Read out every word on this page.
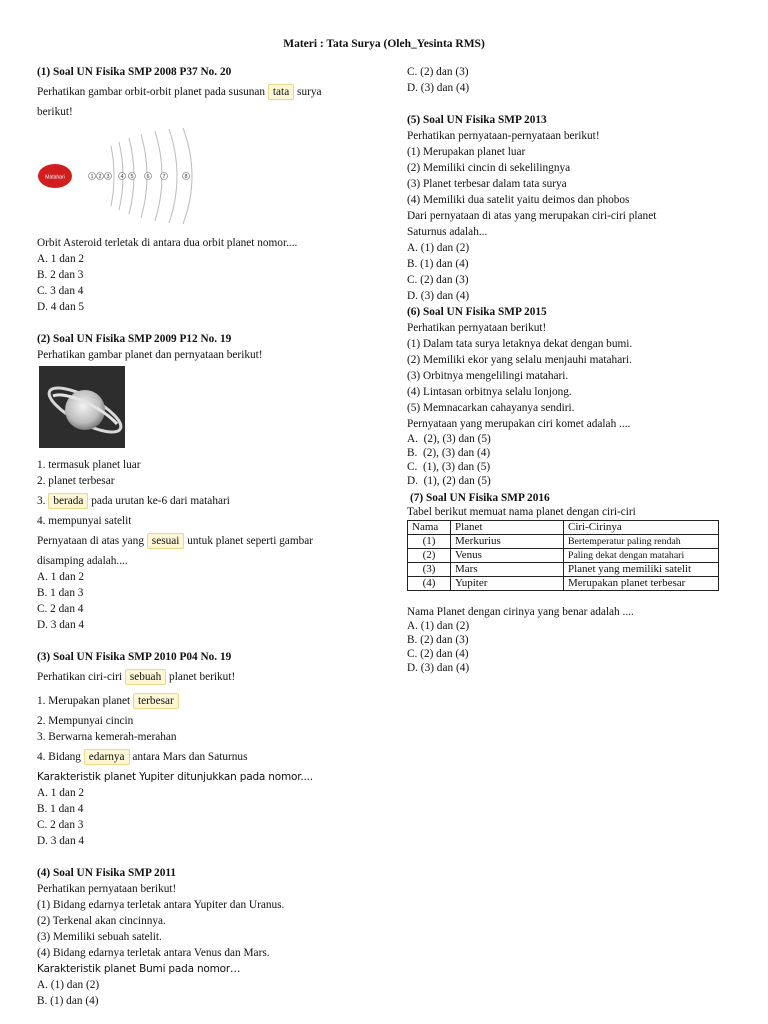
Materi : Tata Surya (Oleh_Yesinta RMS)
(1) Soal UN Fisika SMP 2008 P37 No. 20
Perhatikan gambar orbit-orbit planet pada susunan tata surya
berikut!
Matahari	1 2 3 4 5 6 7	8
Orbit Asteroid terletak di antara dua orbit planet nomor....
A. 1 dan 2
B. 2 dan 3
C. 3 dan 4
D. 4 dan 5
(2) Soal UN Fisika SMP 2009 P12 No. 19
Perhatikan gambar planet dan pernyataan berikut!
1. termasuk planet luar
2. planet terbesar
3. berada pada urutan ke-6 dari matahari
4. mempunyai satelit
Pernyataan di atas yang sesuai untuk planet seperti gambar
disamping adalah....
A. 1 dan 2
B. 1 dan 3
C. 2 dan 4
D. 3 dan 4
(3) Soal UN Fisika SMP 2010 P04 No. 19
Perhatikan ciri-ciri sebuah planet berikut!
1. Merupakan planet terbesar
2. Mempunyai cincin
3. Berwarna kemerah-merahan
4. Bidang edarnya antara Mars dan Saturnus
Karakteristik planet Yupiter ditunjukkan pada nomor....
A. 1 dan 2
B. 1 dan 4
C. 2 dan 3
D. 3 dan 4
(4) Soal UN Fisika SMP 2011
Perhatikan pernyataan berikut!
(1) Bidang edarnya terletak antara Yupiter dan Uranus.
(2) Terkenal akan cincinnya.
(3) Memiliki sebuah satelit.
(4) Bidang edarnya terletak antara Venus dan Mars.
Karakteristik planet Bumi pada nomor…
A. (1) dan (2)
B. (1) dan (4)
C. (2) dan (3)
D. (3) dan (4)
(5) Soal UN Fisika SMP 2013
Perhatikan pernyataan-pernyataan berikut!
(1) Merupakan planet luar
(2) Memiliki cincin di sekelilingnya
(3) Planet terbesar dalam tata surya
(4) Memiliki dua satelit yaitu deimos dan phobos
Dari pernyataan di atas yang merupakan ciri-ciri planet
Saturnus adalah...
A. (1) dan (2)
B. (1) dan (4)
C. (2) dan (3)
D. (3) dan (4)
(6) Soal UN Fisika SMP 2015
Perhatikan pernyataan berikut!
(1) Dalam tata surya letaknya dekat dengan bumi.
(2) Memiliki ekor yang selalu menjauhi matahari.
(3) Orbitnya mengelilingi matahari.
(4) Lintasan orbitnya selalu lonjong.
(5) Memnacarkan cahayanya sendiri.
Pernyataan yang merupakan ciri komet adalah ....
A.  (2), (3) dan (5)
B.  (2), (3) dan (4)
C.  (1), (3) dan (5)
D.  (1), (2) dan (5)
(7) Soal UN Fisika SMP 2016
Tabel berikut memuat nama planet dengan ciri-ciri
Nama	Planet	Ciri-Cirinya
(1)	Merkurius	Bertemperatur paling rendah
(2)	Venus	Paling dekat dengan matahari
(3)	Mars	Planet yang memiliki satelit
(4)	Yupiter	Merupakan planet terbesar
Nama Planet dengan cirinya yang benar adalah ....
A. (1) dan (2)
B. (2) dan (3)
C. (2) dan (4)
D. (3) dan (4)
